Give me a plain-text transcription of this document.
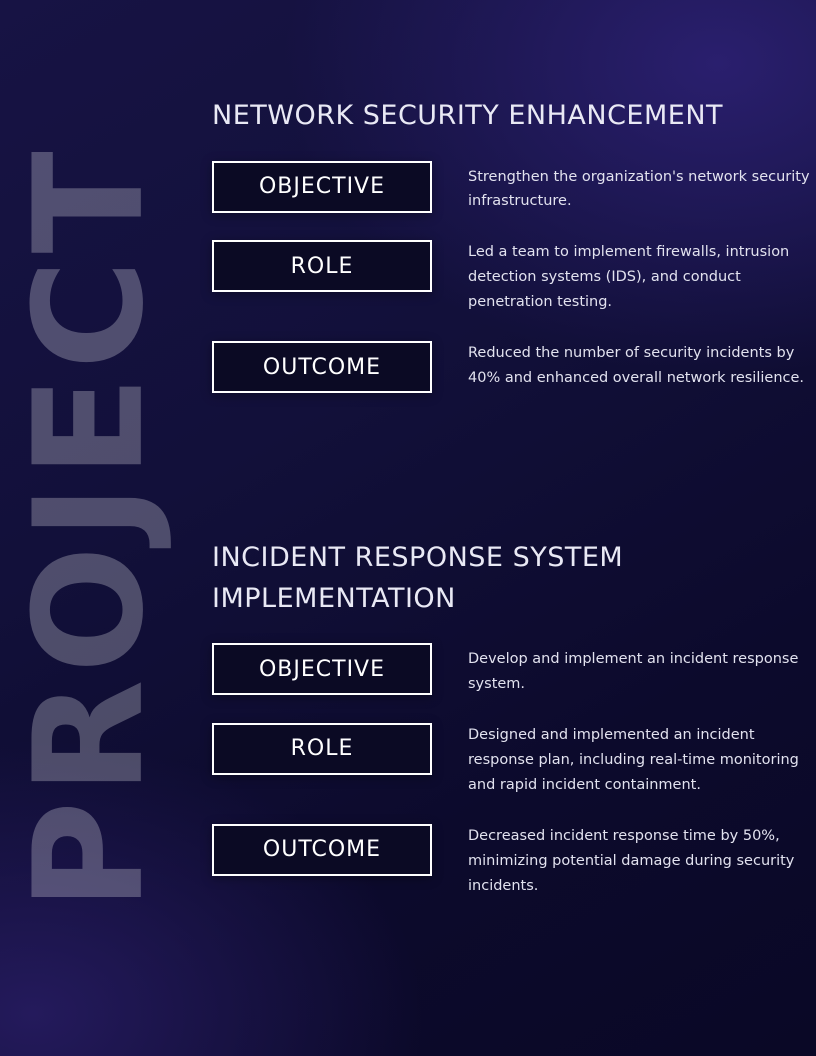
PROJECT
NETWORK SECURITY ENHANCEMENT
OBJECTIVE	Strengthen the organization's network security infrastructure.
ROLE
Led a team to implement firewalls, intrusion detection systems (IDS), and conduct penetration testing.
OUTCOME
Reduced the number of security incidents by 40% and enhanced overall network resilience.
INCIDENT RESPONSE SYSTEM IMPLEMENTATION
OBJECTIVE	Develop and implement an incident response system.
ROLE
Designed and implemented an incident response plan, including real-time monitoring and rapid incident containment.
OUTCOME
Decreased incident response time by 50%, minimizing potential damage during security incidents.
